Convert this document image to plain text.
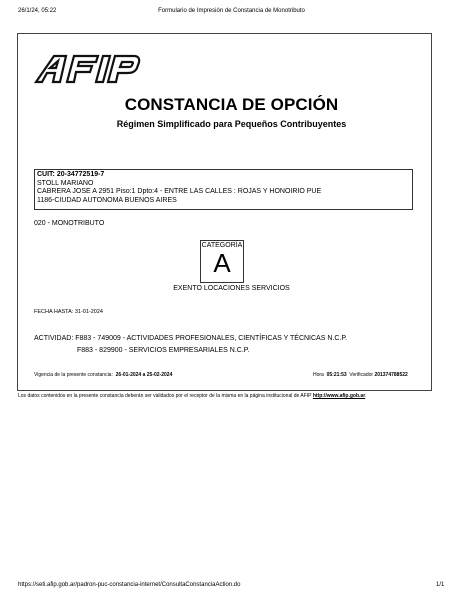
26/1/24, 05:22	Formulario de Impresión de Constancia de Monotributo
CONSTANCIA DE OPCIÓN
Régimen Simplificado para Pequeños Contribuyentes
CUIT: 20-34772519-7
STOLL MARIANO
CABRERA JOSE A 2951 Piso:1 Dpto:4 - ENTRE LAS CALLES : ROJAS Y HONOIRIO PUE
1186-CIUDAD AUTONOMA BUENOS AIRES
020 - MONOTRIBUTO
CATEGORÍA
A
EXENTO LOCACIONES SERVICIOS
FECHA HASTA: 31-01-2024
ACTIVIDAD: F883 - 749009 - ACTIVIDADES PROFESIONALES, CIENTÍFICAS Y TÉCNICAS N.C.P.
F883 - 829900 - SERVICIOS EMPRESARIALES N.C.P.
Vigencia de la presente constancia: 26-01-2024 a 25-02-2024	Hora 05:21:53 Verificador 201374788522
Los datos contenidos en la presente constancia deberán ser validados por el receptor de la misma en la página institucional de AFIP http://www.afip.gob.ar.
https://seti.afip.gob.ar/padron-puc-constancia-internet/ConsultaConstanciaAction.do	1/1
